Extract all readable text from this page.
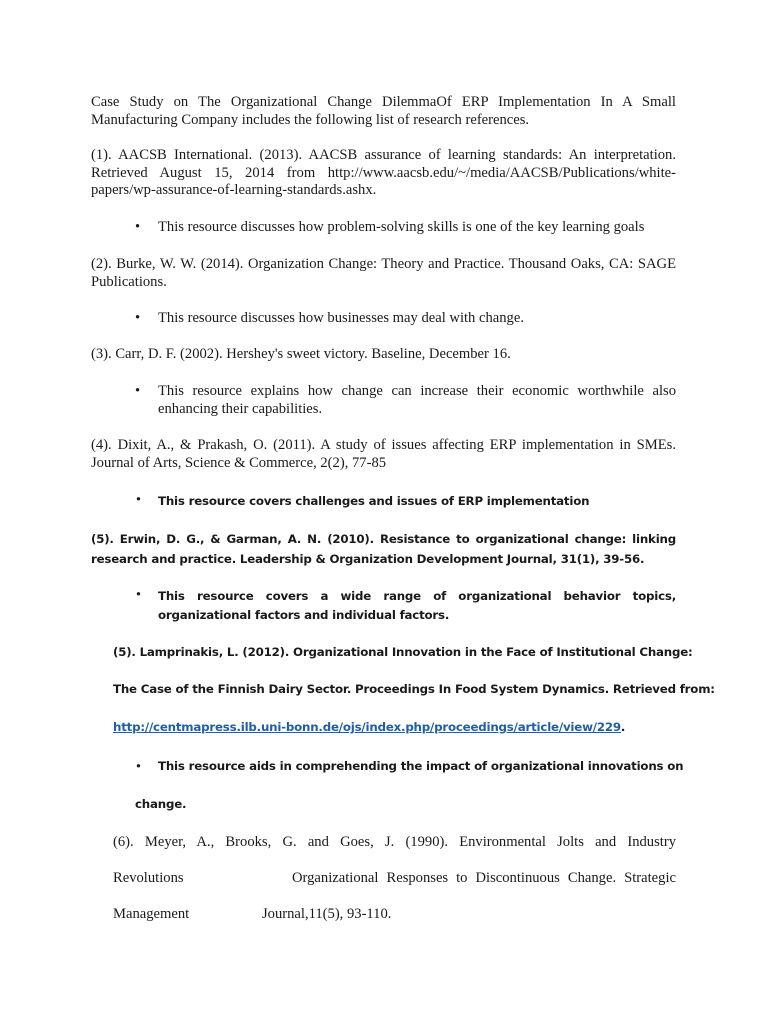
Case Study on The Organizational Change DilemmaOf ERP Implementation In A Small Manufacturing Company includes the following list of research references.

(1). AACSB International. (2013). AACSB assurance of learning standards: An interpretation. Retrieved August 15, 2014 from http://www.aacsb.edu/~/media/AACSB/Publications/white-papers/wp-assurance-of-learning-standards.ashx.

• This resource discusses how problem-solving skills is one of the key learning goals

(2). Burke, W. W. (2014). Organization Change: Theory and Practice. Thousand Oaks, CA: SAGE Publications.

• This resource discusses how businesses may deal with change.

(3). Carr, D. F. (2002). Hershey's sweet victory. Baseline, December 16.

• This resource explains how change can increase their economic worthwhile also enhancing their capabilities.

(4). Dixit, A., & Prakash, O. (2011). A study of issues affecting ERP implementation in SMEs. Journal of Arts, Science & Commerce, 2(2), 77-85

• This resource covers challenges and issues of ERP implementation

(5). Erwin, D. G., & Garman, A. N. (2010). Resistance to organizational change: linking research and practice. Leadership & Organization Development Journal, 31(1), 39-56.

• This resource covers a wide range of organizational behavior topics, organizational factors and individual factors.
(5). Lamprinakis, L. (2012). Organizational Innovation in the Face of Institutional Change:
The Case of the Finnish Dairy Sector. Proceedings In Food System Dynamics. Retrieved from:
http://centmapress.ilb.uni-bonn.de/ojs/index.php/proceedings/article/view/229.
• This resource aids in comprehending the impact of organizational innovations on
change.
(6). Meyer, A., Brooks, G. and Goes, J. (1990). Environmental Jolts and Industry
Revolutions	Organizational Responses to Discontinuous Change. Strategic
Management	Journal,11(5), 93-110.
